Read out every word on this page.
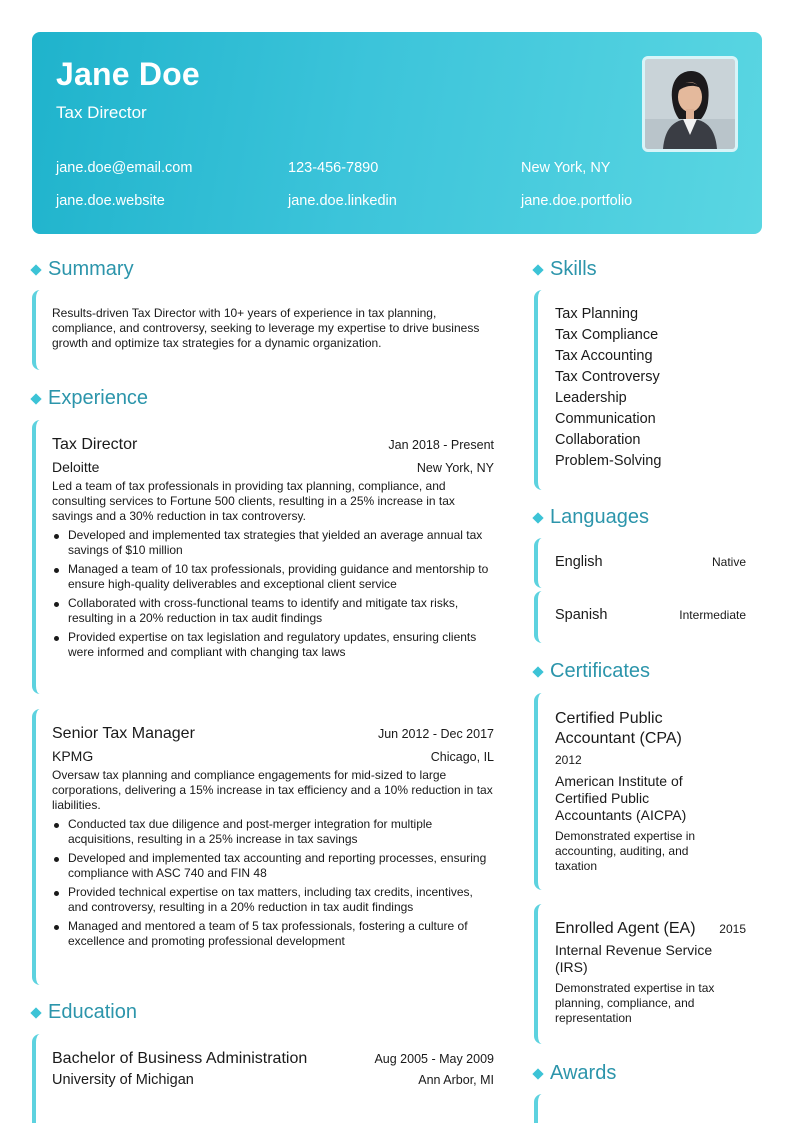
Jane Doe
Tax Director
jane.doe@email.com	123-456-7890	New York, NY
jane.doe.website	jane.doe.linkedin	jane.doe.portfolio
Summary
Results-driven Tax Director with 10+ years of experience in tax planning, compliance, and controversy, seeking to leverage my expertise to drive business growth and optimize tax strategies for a dynamic organization.
Experience
Tax Director	Jan 2018 - Present
Deloitte	New York, NY
Led a team of tax professionals in providing tax planning, compliance, and consulting services to Fortune 500 clients, resulting in a 25% increase in tax savings and a 30% reduction in tax controversy.
Developed and implemented tax strategies that yielded an average annual tax savings of $10 million
Managed a team of 10 tax professionals, providing guidance and mentorship to ensure high-quality deliverables and exceptional client service
Collaborated with cross-functional teams to identify and mitigate tax risks, resulting in a 20% reduction in tax audit findings
Provided expertise on tax legislation and regulatory updates, ensuring clients were informed and compliant with changing tax laws
Senior Tax Manager	Jun 2012 - Dec 2017
KPMG	Chicago, IL
Oversaw tax planning and compliance engagements for mid-sized to large corporations, delivering a 15% increase in tax efficiency and a 10% reduction in tax liabilities.
Conducted tax due diligence and post-merger integration for multiple acquisitions, resulting in a 25% increase in tax savings
Developed and implemented tax accounting and reporting processes, ensuring compliance with ASC 740 and FIN 48
Provided technical expertise on tax matters, including tax credits, incentives, and controversy, resulting in a 20% reduction in tax audit findings
Managed and mentored a team of 5 tax professionals, fostering a culture of excellence and promoting professional development
Education
Bachelor of Business Administration	Aug 2005 - May 2009
University of Michigan	Ann Arbor, MI
Skills
Tax Planning
Tax Compliance
Tax Accounting
Tax Controversy
Leadership
Communication
Collaboration
Problem-Solving
Languages
English	Native
Spanish	Intermediate
Certificates
Certified Public Accountant (CPA)
2012
American Institute of Certified Public Accountants (AICPA)
Demonstrated expertise in accounting, auditing, and taxation
Enrolled Agent (EA) 2015
Internal Revenue Service (IRS)
Demonstrated expertise in tax planning, compliance, and representation
Awards
